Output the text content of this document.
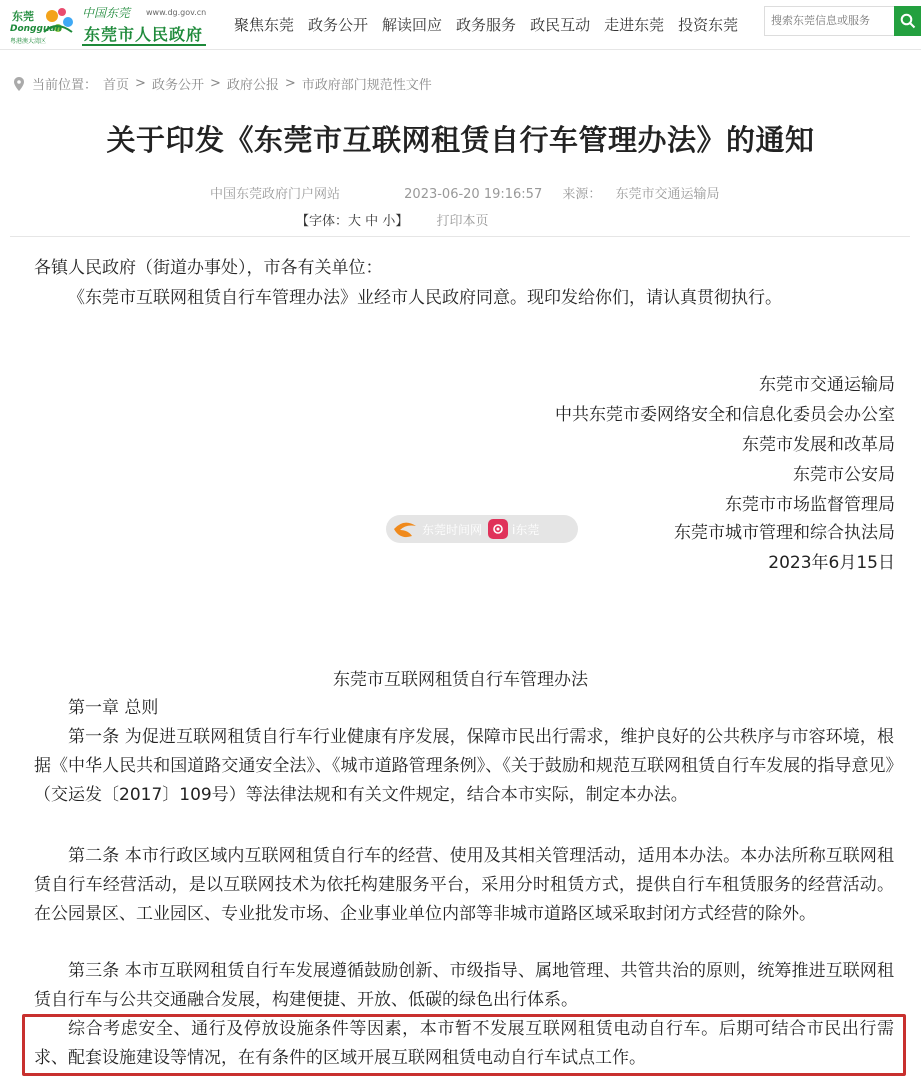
东莞
Dongguan
粤港澳大湾区
中国东莞 www.dg.gov.cn
东莞市人民政府 聚焦东莞 政务公开 解读回应 政务服务 政民互动 走进东莞 投资东莞
搜索东莞信息或服务
当前位置： 首页 > 政务公开 > 政府公报 > 市政府部门规范性文件
关于印发《东莞市互联网租赁自行车管理办法》的通知
中国东莞政府门户网站	2023-06-20 19:16:57 来源： 东莞市交通运输局
【字体：大 中 小】 打印本页
各镇人民政府（街道办事处），市各有关单位：
《东莞市互联网租赁自行车管理办法》业经市人民政府同意。现印发给你们，请认真贯彻执行。
东莞市交通运输局
中共东莞市委网络安全和信息化委员会办公室
东莞市发展和改革局
东莞市公安局
东莞市市场监督管理局
东莞市城市管理和综合执法局
2023年6月15日
东莞时间网	i东莞
东莞市互联网租赁自行车管理办法
第一章 总则
第一条 为促进互联网租赁自行车行业健康有序发展，保障市民出行需求，维护良好的公共秩序与市容环境，根据《中华人民共和国道路交通安全法》、《城市道路管理条例》、《关于鼓励和规范互联网租赁自行车发展的指导意见》（交运发〔2017〕109号）等法律法规和有关文件规定，结合本市实际，制定本办法。
第二条 本市行政区域内互联网租赁自行车的经营、使用及其相关管理活动，适用本办法。本办法所称互联网租赁自行车经营活动，是以互联网技术为依托构建服务平台，采用分时租赁方式，提供自行车租赁服务的经营活动。在公园景区、工业园区、专业批发市场、企业事业单位内部等非城市道路区域采取封闭方式经营的除外。
第三条 本市互联网租赁自行车发展遵循鼓励创新、市级指导、属地管理、共管共治的原则，统筹推进互联网租赁自行车与公共交通融合发展，构建便捷、开放、低碳的绿色出行体系。
综合考虑安全、通行及停放设施条件等因素，本市暂不发展互联网租赁电动自行车。后期可结合市民出行需求、配套设施建设等情况，在有条件的区域开展互联网租赁电动自行车试点工作。
